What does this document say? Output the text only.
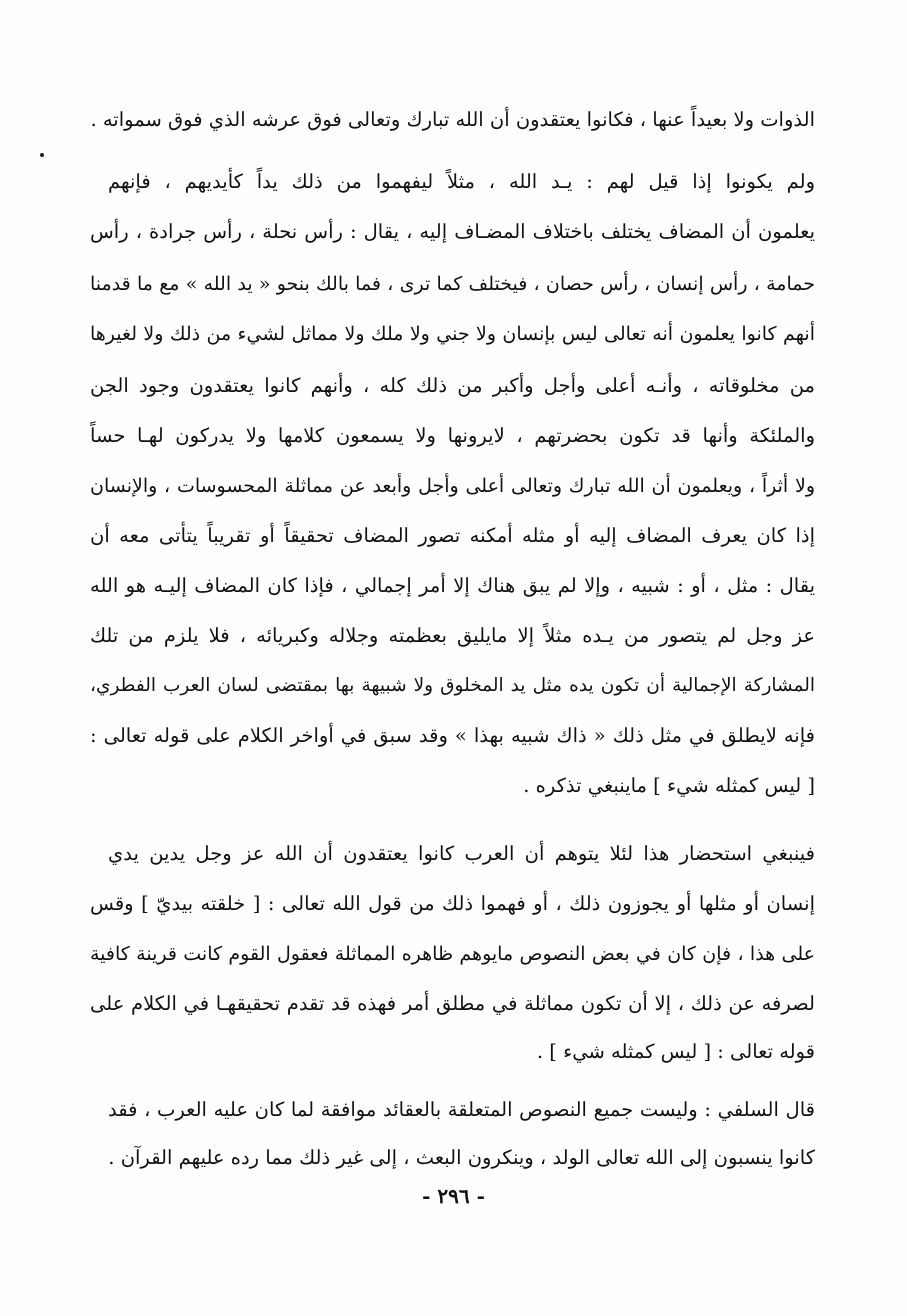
الذوات ولا بعيداً عنها ، فكانوا يعتقدون أن الله تبارك وتعالى فوق عرشه الذي فوق سمواته .
ولم يكونوا إذا قيل لهم : يـد الله ، مثلاً ليفهموا من ذلك يداً كأيديهم ، فإنهم
يعلمون أن المضاف يختلف باختلاف المضـاف إليه ، يقال : رأس نحلة ، رأس جرادة ، رأس
حمامة ، رأس إنسان ، رأس حصان ، فيختلف كما ترى ، فما بالك بنحو « يد الله » مع ما قدمنا
أنهم كانوا يعلمون أنه تعالى ليس بإنسان ولا جني ولا ملك ولا مماثل لشيء من ذلك ولا لغيرها
من مخلوقاته ، وأنـه أعلى وأجل وأكبر من ذلك كله ، وأنهم كانوا يعتقدون وجود الجن
والملئكة وأنها قد تكون بحضرتهم ، لايرونها ولا يسمعون كلامها ولا يدركون لهـا حساً
ولا أثراً ، ويعلمون أن الله تبارك وتعالى أعلى وأجل وأبعد عن مماثلة المحسوسات ، والإنسان
إذا كان يعرف المضاف إليه أو مثله أمكنه تصور المضاف تحقيقاً أو تقريباً يتأتى معه أن
يقال : مثل ، أو : شبيه ، وإلا لم يبق هناك إلا أمر إجمالي ، فإذا كان المضاف إليـه هو الله
عز وجل لم يتصور من يـده مثلاً إلا مايليق بعظمته وجلاله وكبريائه ، فلا يلزم من تلك
المشاركة الإجمالية أن تكون يده مثل يد المخلوق ولا شبيهة بها بمقتضى لسان العرب الفطري،
فإنه لايطلق في مثل ذلك « ذاك شبيه بهذا » وقد سبق في أواخر الكلام على قوله تعالى :
[ ليس كمثله شيء ] ماينبغي تذكره .
فينبغي استحضار هذا لئلا يتوهم أن العرب كانوا يعتقدون أن الله عز وجل يدين يدي
إنسان أو مثلها أو يجوزون ذلك ، أو فهموا ذلك من قول الله تعالى : [ خلقته بيديّ ] وقس
على هذا ، فإن كان في بعض النصوص مايوهم ظاهره المماثلة فعقول القوم كانت قرينة كافية
لصرفه عن ذلك ، إلا أن تكون مماثلة في مطلق أمر فهذه قد تقدم تحقيقهـا في الكلام على
قوله تعالى : [ ليس كمثله شيء ] .
قال السلفي : وليست جميع النصوص المتعلقة بالعقائد موافقة لما كان عليه العرب ، فقد
كانوا ينسبون إلى الله تعالى الولد ، وينكرون البعث ، إلى غير ذلك مما رده عليهم القرآن .
- ٢٩٦ -
